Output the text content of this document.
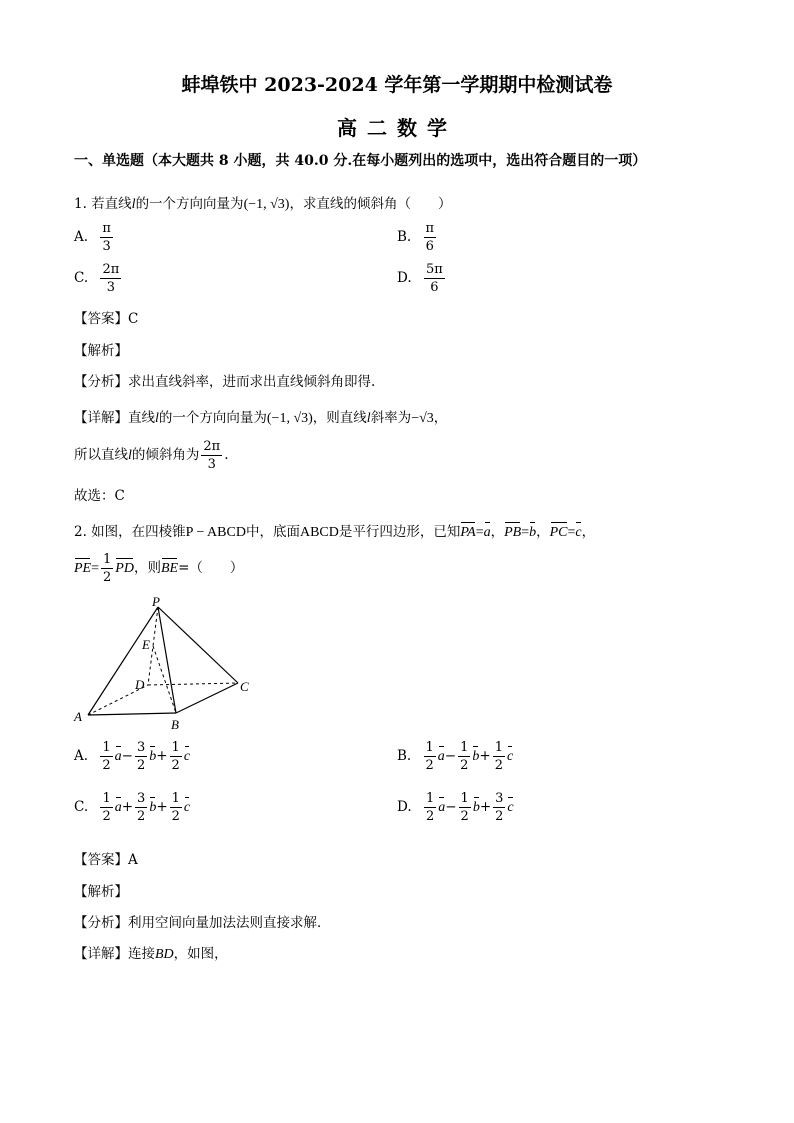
蚌埠铁中 2023-2024 学年第一学期期中检测试卷
高二数学
一、单选题（本大题共 8 小题，共 40.0 分.在每小题列出的选项中，选出符合题目的一项）
1. 若直线l的一个方向向量为(−1, √3)，求直线的倾斜角（　　）
A. $\frac{\pi}{3}$	B. $\frac{\pi}{6}$
C. $\frac{2\pi}{3}$	D. $\frac{5\pi}{6}$
【答案】C
【解析】
【分析】求出直线斜率，进而求出直线倾斜角即得.
【详解】直线l的一个方向向量为(−1, √3)，则直线l斜率为−√3，
所以直线l的倾斜角为 $\frac{2\pi}{3}$ .
故选：C
2. 如图，在四棱锥P − ABCD中，底面ABCD是平行四边形，已知PA=a，PB=b，PC=c，
$PE= \frac{1}{2}$ PD，则BE=（　　）
P
E
D	C
A
B
A. $\frac{1}{2} a- \frac{3}{2} b+ \frac{1}{2}$ c	B. $\frac{1}{2} a- \frac{1}{2} b+ \frac{1}{2}$ c
C. $\frac{1}{2} a+ \frac{3}{2} b+ \frac{1}{2}$ c	D. $\frac{1}{2} a- \frac{1}{2} b+ \frac{3}{2}$ c
【答案】A
【解析】
【分析】利用空间向量加法法则直接求解．
【详解】连接BD，如图，
